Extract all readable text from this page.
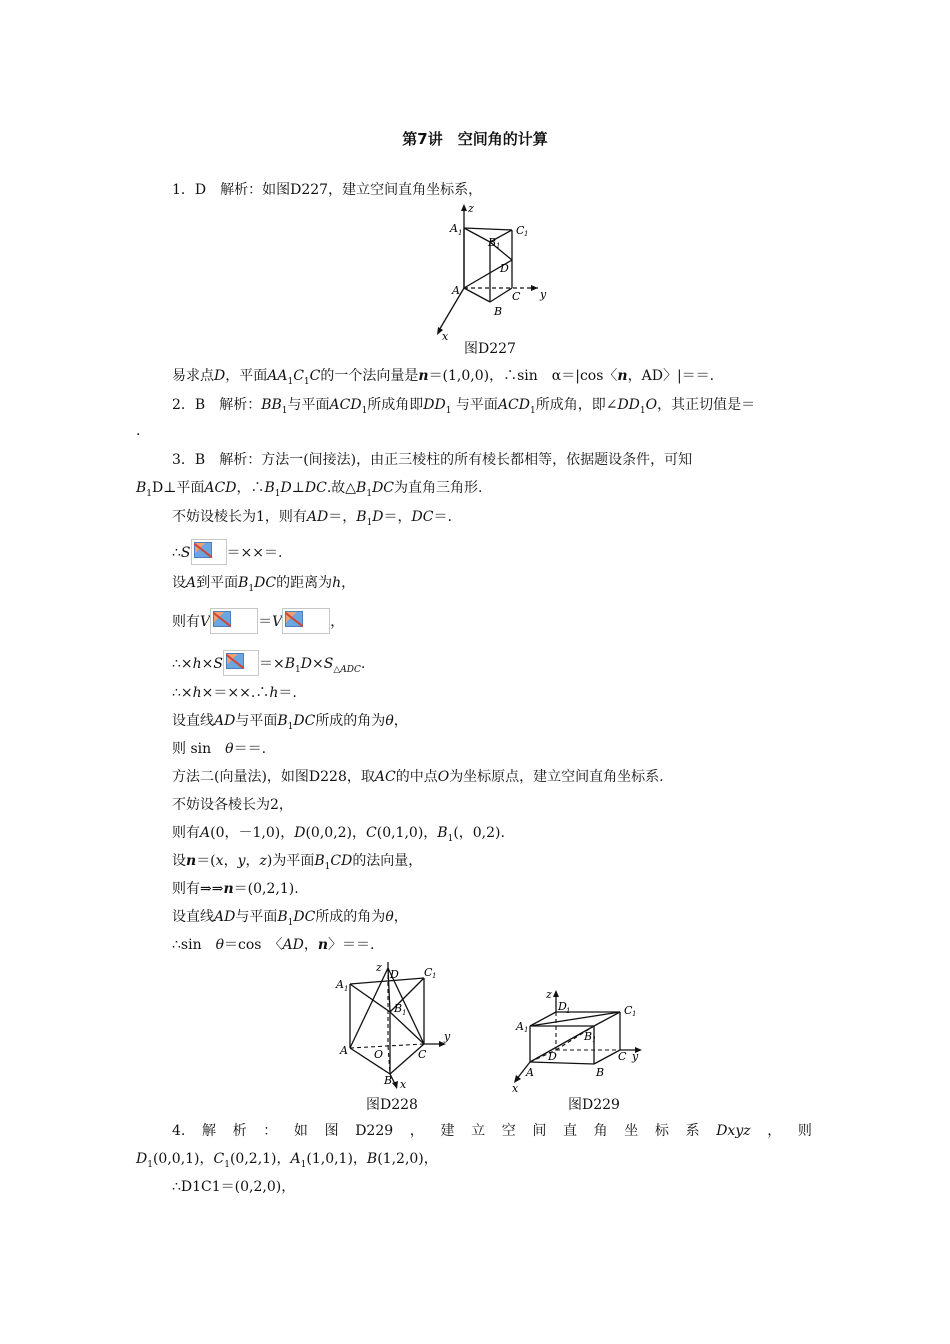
第7讲　空间角的计算
1．D　解析：如图D227，建立空间直角坐标系，
z
y
x
A 1
B 1
C 1
D
A	C
B
图D227
易求点D，平面$AA_1C_1C$的一个法向量是n＝(1,0,0)，∴sin　α＝|cos〈n，AD〉|＝＝.
2．B　解析：$BB_1$与平面$ACD_1$所成角即$DD_1$ 与平面$ACD_1$所成角，即$\angle DD_1O$，其正切值是＝
.
3．B　解析：方法一(间接法)，由正三棱柱的所有棱长都相等，依据题设条件，可知
$B_1D\perp$平面ACD，$\therefore B_1D\perp DC$.故$\triangle B_1DC$为直角三角形.
不妨设棱长为1，则有AD＝，$B_1D=$，DC＝.
∴S	＝××＝.
设A到平面$B_1DC$的距离为h，
则有V	＝V	，
∴×h×S	$=\times B_1D\times S_{\triangle ADC}$.
∴×h×＝××.∴h＝.
设直线AD与平面$B_1DC$所成的角为θ，
则 sin　θ＝＝.
方法二(向量法)，如图D228，取AC的中点O为坐标原点，建立空间直角坐标系.
不妨设各棱长为2，
则有A(0，－1,0)，D(0,0,2)，C(0,1,0)，$B_1$(，0,2).
设n＝(x，y，z)为平面$B_1CD$的法向量，
则有⇒⇒n＝(0,2,1).
设直线AD与平面$B_1DC$所成的角为θ，
∴sin　θ＝cos　〈AD，n〉＝＝.
z
D C 1
A 1
B 1
y
A O	C
B x
图D228
z
D 1	C 1
A 1	B 1
C y
D
A	B
x
图D229
4. 解 析 ： 如 图 D229 ， 建 立 空 间 直 角 坐 标 系 Dxyz ， 则
$D_1(0,0,1)$，$C_1(0,2,1)$，$A_1(1,0,1)$，B(1,2,0)，
∴D1C1＝(0,2,0)，
